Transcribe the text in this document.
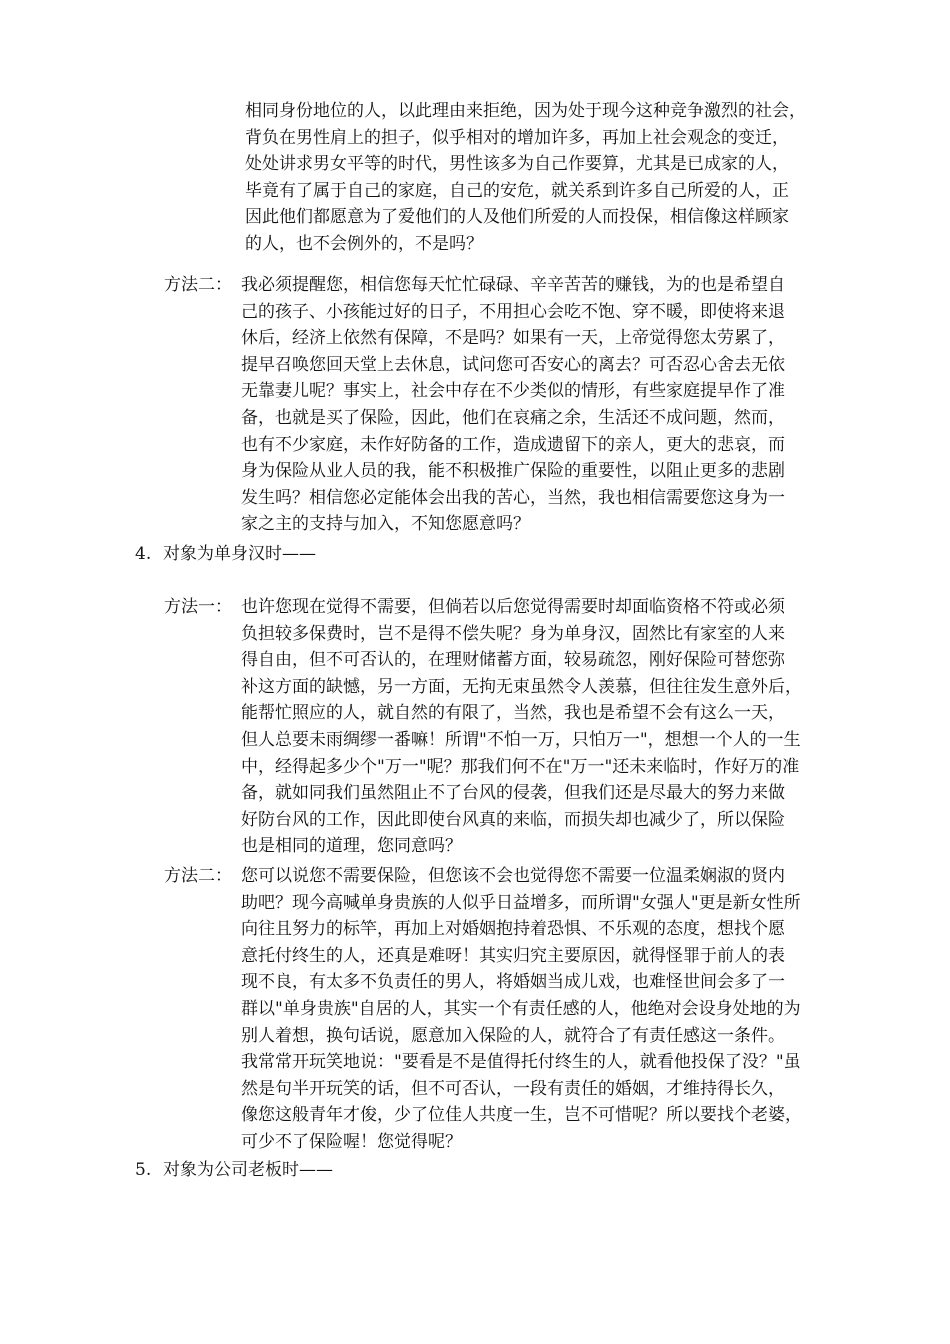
相同身份地位的人，以此理由来拒绝，因为处于现今这种竞争激烈的社会，
背负在男性肩上的担子，似乎相对的增加许多，再加上社会观念的变迁，
处处讲求男女平等的时代，男性该多为自己作要算，尤其是已成家的人，
毕竟有了属于自己的家庭，自己的安危，就关系到许多自己所爱的人，正
因此他们都愿意为了爱他们的人及他们所爱的人而投保，相信像这样顾家
的人，也不会例外的，不是吗？
方法二： 我必须提醒您，相信您每天忙忙碌碌、辛辛苦苦的赚钱，为的也是希望自
己的孩子、小孩能过好的日子，不用担心会吃不饱、穿不暖，即使将来退
休后，经济上依然有保障，不是吗？如果有一天，上帝觉得您太劳累了，
提早召唤您回天堂上去休息，试问您可否安心的离去？可否忍心舍去无依
无靠妻儿呢？事实上，社会中存在不少类似的情形，有些家庭提早作了准
备，也就是买了保险，因此，他们在哀痛之余，生活还不成问题，然而，
也有不少家庭，未作好防备的工作，造成遗留下的亲人，更大的悲哀，而
身为保险从业人员的我，能不积极推广保险的重要性，以阻止更多的悲剧
发生吗？相信您必定能体会出我的苦心，当然，我也相信需要您这身为一
家之主的支持与加入，不知您愿意吗？
4. 对象为单身汉时——
方法一： 也许您现在觉得不需要，但倘若以后您觉得需要时却面临资格不符或必须
负担较多保费时，岂不是得不偿失呢？身为单身汉，固然比有家室的人来
得自由，但不可否认的，在理财储蓄方面，较易疏忽，刚好保险可替您弥
补这方面的缺憾，另一方面，无拘无束虽然令人羡慕，但往往发生意外后，
能帮忙照应的人，就自然的有限了，当然，我也是希望不会有这么一天，
但人总要未雨绸缪一番嘛！所谓"不怕一万，只怕万一"，想想一个人的一生
中，经得起多少个"万一"呢？那我们何不在"万一"还未来临时，作好万的准
备，就如同我们虽然阻止不了台风的侵袭，但我们还是尽最大的努力来做
好防台风的工作，因此即使台风真的来临，而损失却也减少了，所以保险
也是相同的道理，您同意吗？
方法二： 您可以说您不需要保险，但您该不会也觉得您不需要一位温柔娴淑的贤内
助吧？现今高喊单身贵族的人似乎日益增多，而所谓"女强人"更是新女性所
向往且努力的标竿，再加上对婚姻抱持着恐惧、不乐观的态度，想找个愿
意托付终生的人，还真是难呀！其实归究主要原因，就得怪罪于前人的表
现不良，有太多不负责任的男人，将婚姻当成儿戏，也难怪世间会多了一
群以"单身贵族"自居的人，其实一个有责任感的人，他绝对会设身处地的为
别人着想，换句话说，愿意加入保险的人，就符合了有责任感这一条件。
我常常开玩笑地说："要看是不是值得托付终生的人，就看他投保了没？"虽
然是句半开玩笑的话，但不可否认，一段有责任的婚姻，才维持得长久，
像您这般青年才俊，少了位佳人共度一生，岂不可惜呢？所以要找个老婆，
可少不了保险喔！您觉得呢？
5. 对象为公司老板时——
